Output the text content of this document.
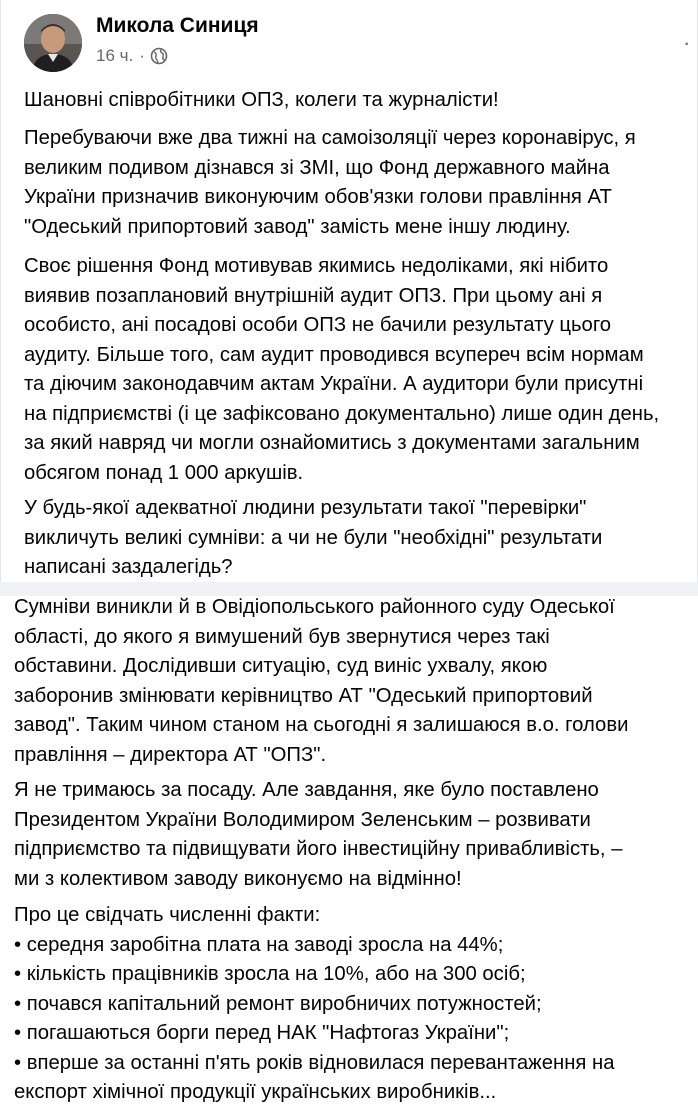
Микола Синиця
16 ч. ·
·
Шановні співробітники ОПЗ, колеги та журналісти!
Перебуваючи вже два тижні на самоізоляції через коронавірус, я
великим подивом дізнався зі ЗМІ, що Фонд державного майна
України призначив виконуючим обов'язки голови правління АТ
"Одеський припортовий завод" замість мене іншу людину.
Своє рішення Фонд мотивував якимись недоліками, які нібито
виявив позаплановий внутрішній аудит ОПЗ. При цьому ані я
особисто, ані посадові особи ОПЗ не бачили результату цього
аудиту. Більше того, сам аудит проводився всупереч всім нормам
та діючим законодавчим актам України. А аудитори були присутні
на підприємстві (і це зафіксовано документально) лише один день,
за який навряд чи могли ознайомитись з документами загальним
обсягом понад 1 000 аркушів.
У будь-якої адекватної людини результати такої "перевірки"
викличуть великі сумніви: а чи не були "необхідні" результати
написані заздалегідь?
Сумніви виникли й в Овідіопольського районного суду Одеської
області, до якого я вимушений був звернутися через такі
обставини. Дослідивши ситуацію, суд виніс ухвалу, якою
заборонив змінювати керівництво АТ "Одеський припортовий
завод". Таким чином станом на сьогодні я залишаюся в.о. голови
правління – директора АТ "ОПЗ".
Я не тримаюсь за посаду. Але завдання, яке було поставлено
Президентом України Володимиром Зеленським – розвивати
підприємство та підвищувати його інвестиційну привабливість, –
ми з колективом заводу виконуємо на відмінно!
Про це свідчать численні факти:
• середня заробітна плата на заводі зросла на 44%;
• кількість працівників зросла на 10%, або на 300 осіб;
• почався капітальний ремонт виробничих потужностей;
• погашаються борги перед НАК "Нафтогаз України";
• вперше за останні п'ять років відновилася перевантаження на
експорт хімічної продукції українських виробників...
